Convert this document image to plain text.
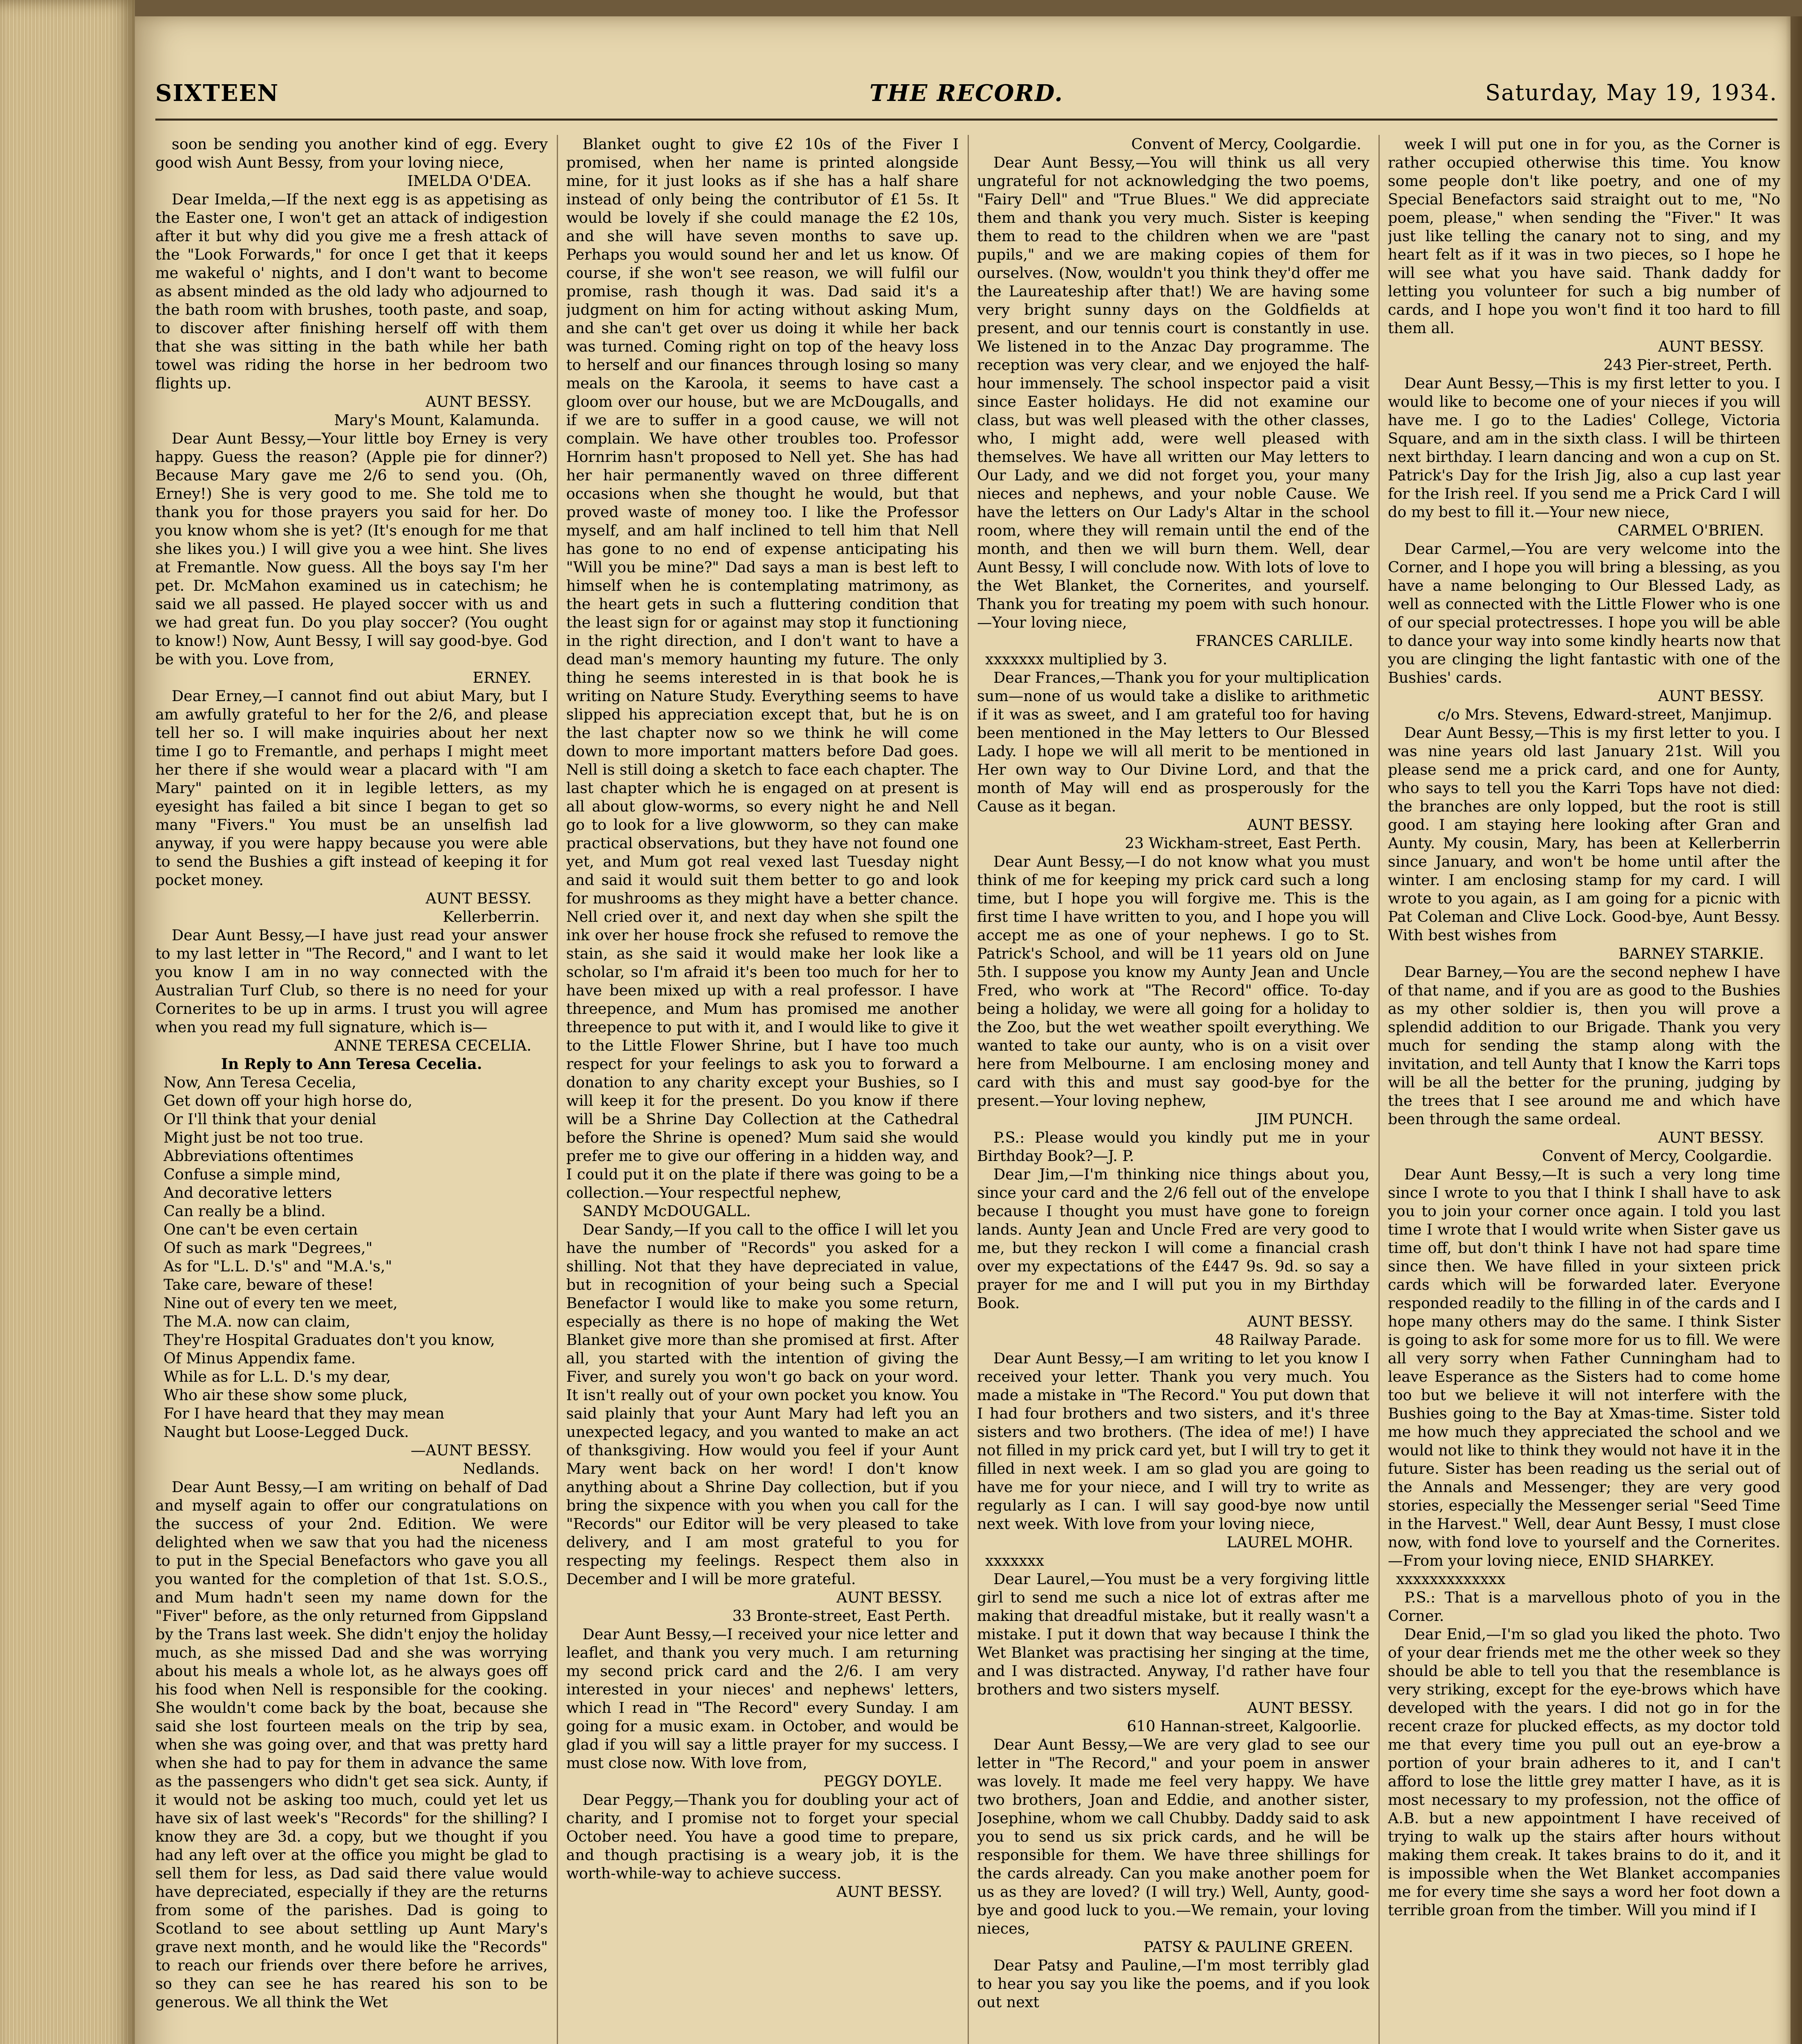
SIXTEEN	THE RECORD.	Saturday, May 19, 1934.

soon be sending you another kind of egg. Every good wish Aunt Bessy, from your loving niece,

IMELDA O'DEA.

Dear Imelda,—If the next egg is as appetising as the Easter one, I won't get an attack of indigestion after it but why did you give me a fresh attack of the "Look Forwards," for once I get that it keeps me wakeful o' nights, and I don't want to become as absent minded as the old lady who adjourned to the bath room with brushes, tooth paste, and soap, to discover after finishing herself off with them that she was sitting in the bath while her bath towel was riding the horse in her bedroom two flights up.

AUNT BESSY.

Mary's Mount, Kalamunda.

Dear Aunt Bessy,—Your little boy Erney is very happy. Guess the reason? (Apple pie for dinner?) Because Mary gave me 2/6 to send you. (Oh, Erney!) She is very good to me. She told me to thank you for those prayers you said for her. Do you know whom she is yet? (It's enough for me that she likes you.) I will give you a wee hint. She lives at Fremantle. Now guess. All the boys say I'm her pet. Dr. McMahon examined us in catechism; he said we all passed. He played soccer with us and we had great fun. Do you play soccer? (You ought to know!) Now, Aunt Bessy, I will say good-bye. God be with you. Love from,

ERNEY.

Dear Erney,—I cannot find out abiut Mary, but I am awfully grateful to her for the 2/6, and please tell her so. I will make inquiries about her next time I go to Fremantle, and perhaps I might meet her there if she would wear a placard with "I am Mary" painted on it in legible letters, as my eyesight has failed a bit since I began to get so many "Fivers." You must be an unselfish lad anyway, if you were happy because you were able to send the Bushies a gift instead of keeping it for pocket money.

AUNT BESSY.

Kellerberrin.

Dear Aunt Bessy,—I have just read your answer to my last letter in "The Record," and I want to let you know I am in no way connected with the Australian Turf Club, so there is no need for your Cornerites to be up in arms. I trust you will agree when you read my full signature, which is—

ANNE TERESA CECELIA.

In Reply to Ann Teresa Cecelia.

Now, Ann Teresa Cecelia,

Get down off your high horse do,

Or I'll think that your denial

Might just be not too true.

Abbreviations oftentimes

Confuse a simple mind,

And decorative letters

Can really be a blind.

One can't be even certain

Of such as mark "Degrees,"

As for "L.L. D.'s" and "M.A.'s,"

Take care, beware of these!

Nine out of every ten we meet,

The M.A. now can claim,

They're Hospital Graduates don't you know,

Of Minus Appendix fame.

While as for L.L. D.'s my dear,

Who air these show some pluck,

For I have heard that they may mean

Naught but Loose-Legged Duck.

—AUNT BESSY.

Nedlands.

Dear Aunt Bessy,—I am writing on behalf of Dad and myself again to offer our congratulations on the success of your 2nd. Edition. We were delighted when we saw that you had the niceness to put in the Special Benefactors who gave you all you wanted for the completion of that 1st. S.O.S., and Mum hadn't seen my name down for the "Fiver" before, as the only returned from Gippsland by the Trans last week. She didn't enjoy the holiday much, as she missed Dad and she was worrying about his meals a whole lot, as he always goes off his food when Nell is responsible for the cooking. She wouldn't come back by the boat, because she said she lost fourteen meals on the trip by sea, when she was going over, and that was pretty hard when she had to pay for them in advance the same as the passengers who didn't get sea sick. Aunty, if it would not be asking too much, could yet let us have six of last week's "Records" for the shilling? I know they are 3d. a copy, but we thought if you had any left over at the office you might be glad to sell them for less, as Dad said there value would have depreciated, especially if they are the returns from some of the parishes. Dad is going to Scotland to see about settling up Aunt Mary's grave next month, and he would like the "Records" to reach our friends over there before he arrives, so they can see he has reared his son to be generous. We all think the Wet

Blanket ought to give £2 10s of the Fiver I promised, when her name is printed alongside mine, for it just looks as if she has a half share instead of only being the contributor of £1 5s. It would be lovely if she could manage the £2 10s, and she will have seven months to save up. Perhaps you would sound her and let us know. Of course, if she won't see reason, we will fulfil our promise, rash though it was. Dad said it's a judgment on him for acting without asking Mum, and she can't get over us doing it while her back was turned. Coming right on top of the heavy loss to herself and our finances through losing so many meals on the Karoola, it seems to have cast a gloom over our house, but we are McDougalls, and if we are to suffer in a good cause, we will not complain. We have other troubles too. Professor Hornrim hasn't proposed to Nell yet. She has had her hair permanently waved on three different occasions when she thought he would, but that proved waste of money too. I like the Professor myself, and am half inclined to tell him that Nell has gone to no end of expense anticipating his "Will you be mine?" Dad says a man is best left to himself when he is contemplating matrimony, as the heart gets in such a fluttering condition that the least sign for or against may stop it functioning in the right direction, and I don't want to have a dead man's memory haunting my future. The only thing he seems interested in is that book he is writing on Nature Study. Everything seems to have slipped his appreciation except that, but he is on the last chapter now so we think he will come down to more important matters before Dad goes. Nell is still doing a sketch to face each chapter. The last chapter which he is engaged on at present is all about glow-worms, so every night he and Nell go to look for a live glowworm, so they can make practical observations, but they have not found one yet, and Mum got real vexed last Tuesday night and said it would suit them better to go and look for mushrooms as they might have a better chance. Nell cried over it, and next day when she spilt the ink over her house frock she refused to remove the stain, as she said it would make her look like a scholar, so I'm afraid it's been too much for her to have been mixed up with a real professor. I have threepence, and Mum has promised me another threepence to put with it, and I would like to give it to the Little Flower Shrine, but I have too much respect for your feelings to ask you to forward a donation to any charity except your Bushies, so I will keep it for the present. Do you know if there will be a Shrine Day Collection at the Cathedral before the Shrine is opened? Mum said she would prefer me to give our offering in a hidden way, and I could put it on the plate if there was going to be a collection.—Your respectful nephew,

SANDY McDOUGALL.

Dear Sandy,—If you call to the office I will let you have the number of "Records" you asked for a shilling. Not that they have depreciated in value, but in recognition of your being such a Special Benefactor I would like to make you some return, especially as there is no hope of making the Wet Blanket give more than she promised at first. After all, you started with the intention of giving the Fiver, and surely you won't go back on your word. It isn't really out of your own pocket you know. You said plainly that your Aunt Mary had left you an unexpected legacy, and you wanted to make an act of thanksgiving. How would you feel if your Aunt Mary went back on her word! I don't know anything about a Shrine Day collection, but if you bring the sixpence with you when you call for the "Records" our Editor will be very pleased to take delivery, and I am most grateful to you for respecting my feelings. Respect them also in December and I will be more grateful.

AUNT BESSY.

33 Bronte-street, East Perth.

Dear Aunt Bessy,—I received your nice letter and leaflet, and thank you very much. I am returning my second prick card and the 2/6. I am very interested in your nieces' and nephews' letters, which I read in "The Record" every Sunday. I am going for a music exam. in October, and would be glad if you will say a little prayer for my success. I must close now. With love from,

PEGGY DOYLE.

Dear Peggy,—Thank you for doubling your act of charity, and I promise not to forget your special October need. You have a good time to prepare, and though practising is a weary job, it is the worth-while-way to achieve success.

AUNT BESSY.

Convent of Mercy, Coolgardie.

Dear Aunt Bessy,—You will think us all very ungrateful for not acknowledging the two poems, "Fairy Dell" and "True Blues." We did appreciate them and thank you very much. Sister is keeping them to read to the children when we are "past pupils," and we are making copies of them for ourselves. (Now, wouldn't you think they'd offer me the Laureateship after that!) We are having some very bright sunny days on the Goldfields at present, and our tennis court is constantly in use. We listened in to the Anzac Day programme. The reception was very clear, and we enjoyed the half-hour immensely. The school inspector paid a visit since Easter holidays. He did not examine our class, but was well pleased with the other classes, who, I might add, were well pleased with themselves. We have all written our May letters to Our Lady, and we did not forget you, your many nieces and nephews, and your noble Cause. We have the letters on Our Lady's Altar in the school room, where they will remain until the end of the month, and then we will burn them. Well, dear Aunt Bessy, I will conclude now. With lots of love to the Wet Blanket, the Cornerites, and yourself. Thank you for treating my poem with such honour.—Your loving niece,

FRANCES CARLILE.

xxxxxxx multiplied by 3.

Dear Frances,—Thank you for your multiplication sum—none of us would take a dislike to arithmetic if it was as sweet, and I am grateful too for having been mentioned in the May letters to Our Blessed Lady. I hope we will all merit to be mentioned in Her own way to Our Divine Lord, and that the month of May will end as prosperously for the Cause as it began.

AUNT BESSY.

23 Wickham-street, East Perth.

Dear Aunt Bessy,—I do not know what you must think of me for keeping my prick card such a long time, but I hope you will forgive me. This is the first time I have written to you, and I hope you will accept me as one of your nephews. I go to St. Patrick's School, and will be 11 years old on June 5th. I suppose you know my Aunty Jean and Uncle Fred, who work at "The Record" office. To-day being a holiday, we were all going for a holiday to the Zoo, but the wet weather spoilt everything. We wanted to take our aunty, who is on a visit over here from Melbourne. I am enclosing money and card with this and must say good-bye for the present.—Your loving nephew,

JIM PUNCH.

P.S.: Please would you kindly put me in your Birthday Book?—J. P.

Dear Jim,—I'm thinking nice things about you, since your card and the 2/6 fell out of the envelope because I thought you must have gone to foreign lands. Aunty Jean and Uncle Fred are very good to me, but they reckon I will come a financial crash over my expectations of the £447 9s. 9d. so say a prayer for me and I will put you in my Birthday Book.

AUNT BESSY.

48 Railway Parade.

Dear Aunt Bessy,—I am writing to let you know I received your letter. Thank you very much. You made a mistake in "The Record." You put down that I had four brothers and two sisters, and it's three sisters and two brothers. (The idea of me!) I have not filled in my prick card yet, but I will try to get it filled in next week. I am so glad you are going to have me for your niece, and I will try to write as regularly as I can. I will say good-bye now until next week. With love from your loving niece,

LAUREL MOHR.

xxxxxxx

Dear Laurel,—You must be a very forgiving little girl to send me such a nice lot of extras after me making that dreadful mistake, but it really wasn't a mistake. I put it down that way because I think the Wet Blanket was practising her singing at the time, and I was distracted. Anyway, I'd rather have four brothers and two sisters myself.

AUNT BESSY.

610 Hannan-street, Kalgoorlie.

Dear Aunt Bessy,—We are very glad to see our letter in "The Record," and your poem in answer was lovely. It made me feel very happy. We have two brothers, Joan and Eddie, and another sister, Josephine, whom we call Chubby. Daddy said to ask you to send us six prick cards, and he will be responsible for them. We have three shillings for the cards already. Can you make another poem for us as they are loved? (I will try.) Well, Aunty, good-bye and good luck to you.—We remain, your loving nieces,

PATSY & PAULINE GREEN.

Dear Patsy and Pauline,—I'm most terribly glad to hear you say you like the poems, and if you look out next

week I will put one in for you, as the Corner is rather occupied otherwise this time. You know some people don't like poetry, and one of my Special Benefactors said straight out to me, "No poem, please," when sending the "Fiver." It was just like telling the canary not to sing, and my heart felt as if it was in two pieces, so I hope he will see what you have said. Thank daddy for letting you volunteer for such a big number of cards, and I hope you won't find it too hard to fill them all.

AUNT BESSY.

243 Pier-street, Perth.

Dear Aunt Bessy,—This is my first letter to you. I would like to become one of your nieces if you will have me. I go to the Ladies' College, Victoria Square, and am in the sixth class. I will be thirteen next birthday. I learn dancing and won a cup on St. Patrick's Day for the Irish Jig, also a cup last year for the Irish reel. If you send me a Prick Card I will do my best to fill it.—Your new niece,

CARMEL O'BRIEN.

Dear Carmel,—You are very welcome into the Corner, and I hope you will bring a blessing, as you have a name belonging to Our Blessed Lady, as well as connected with the Little Flower who is one of our special protectresses. I hope you will be able to dance your way into some kindly hearts now that you are clinging the light fantastic with one of the Bushies' cards.

AUNT BESSY.

c/o Mrs. Stevens, Edward-street, Manjimup.

Dear Aunt Bessy,—This is my first letter to you. I was nine years old last January 21st. Will you please send me a prick card, and one for Aunty, who says to tell you the Karri Tops have not died: the branches are only lopped, but the root is still good. I am staying here looking after Gran and Aunty. My cousin, Mary, has been at Kellerberrin since January, and won't be home until after the winter. I am enclosing stamp for my card. I will wrote to you again, as I am going for a picnic with Pat Coleman and Clive Lock. Good-bye, Aunt Bessy. With best wishes from

BARNEY STARKIE.

Dear Barney,—You are the second nephew I have of that name, and if you are as good to the Bushies as my other soldier is, then you will prove a splendid addition to our Brigade. Thank you very much for sending the stamp along with the invitation, and tell Aunty that I know the Karri tops will be all the better for the pruning, judging by the trees that I see around me and which have been through the same ordeal.

AUNT BESSY.

Convent of Mercy, Coolgardie.

Dear Aunt Bessy,—It is such a very long time since I wrote to you that I think I shall have to ask you to join your corner once again. I told you last time I wrote that I would write when Sister gave us time off, but don't think I have not had spare time since then. We have filled in your sixteen prick cards which will be forwarded later. Everyone responded readily to the filling in of the cards and I hope many others may do the same. I think Sister is going to ask for some more for us to fill. We were all very sorry when Father Cunningham had to leave Esperance as the Sisters had to come home too but we believe it will not interfere with the Bushies going to the Bay at Xmas-time. Sister told me how much they appreciated the school and we would not like to think they would not have it in the future. Sister has been reading us the serial out of the Annals and Messenger; they are very good stories, especially the Messenger serial "Seed Time in the Harvest." Well, dear Aunt Bessy, I must close now, with fond love to yourself and the Cornerites.—From your loving niece, ENID SHARKEY.

xxxxxxxxxxxxx

P.S.: That is a marvellous photo of you in the Corner.

Dear Enid,—I'm so glad you liked the photo. Two of your dear friends met me the other week so they should be able to tell you that the resemblance is very striking, except for the eye-brows which have developed with the years. I did not go in for the recent craze for plucked effects, as my doctor told me that every time you pull out an eye-brow a portion of your brain adheres to it, and I can't afford to lose the little grey matter I have, as it is most necessary to my profession, not the office of A.B. but a new appointment I have received of trying to walk up the stairs after hours without making them creak. It takes brains to do it, and it is impossible when the Wet Blanket accompanies me for every time she says a word her foot down a terrible groan from the timber. Will you mind if I
